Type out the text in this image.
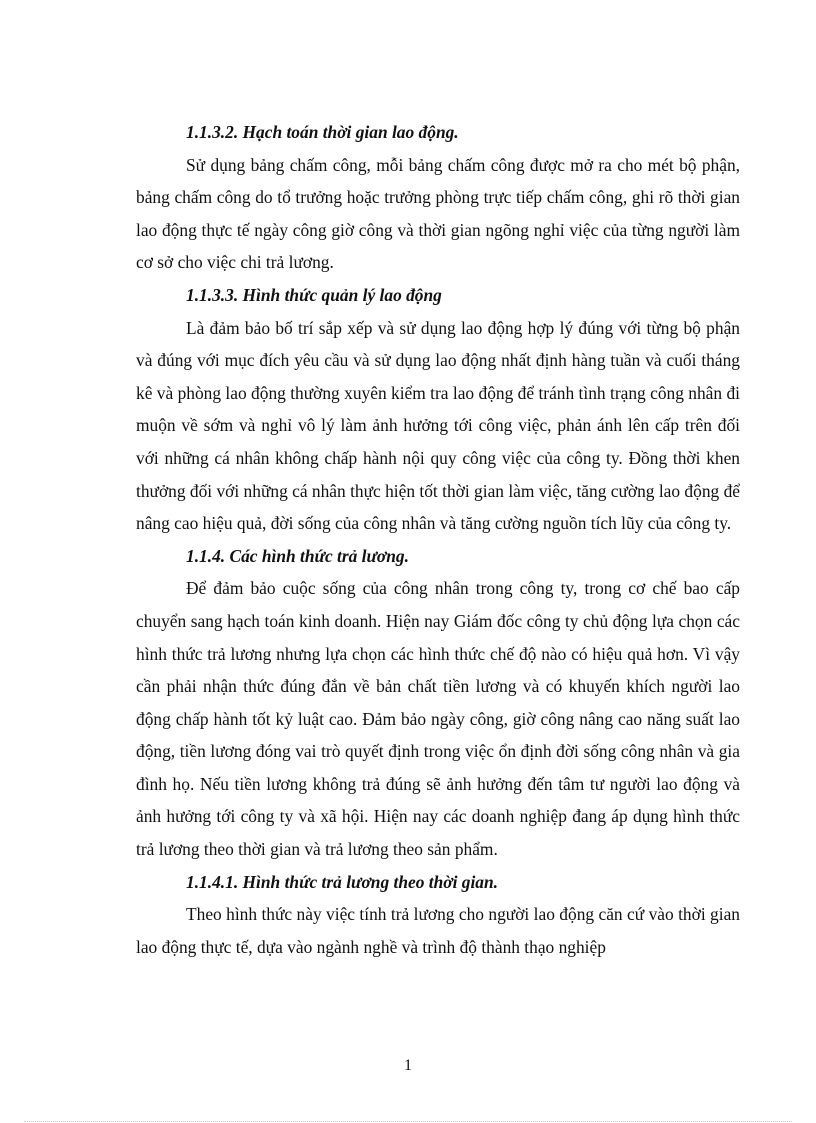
1.1.3.2. Hạch toán thời gian lao động.

Sử dụng bảng chấm công, mỗi bảng chấm công được mở ra cho mét bộ phận, bảng chấm công do tổ trưởng hoặc trưởng phòng trực tiếp chấm công, ghi rõ thời gian lao động thực tế ngày công giờ công và thời gian ngõng nghỉ việc của từng người làm cơ sở cho việc chi trả lương.

1.1.3.3. Hình thức quản lý lao động

Là đảm bảo bố trí sắp xếp và sử dụng lao động hợp lý đúng với từng bộ phận và đúng với mục đích yêu cầu và sử dụng lao động nhất định hàng tuần và cuối tháng kê và phòng lao động thường xuyên kiểm tra lao động để tránh tình trạng công nhân đi muộn về sớm và nghỉ vô lý làm ảnh hưởng tới công việc, phản ánh lên cấp trên đối với những cá nhân không chấp hành nội quy công việc của công ty. Đồng thời khen thưởng đối với những cá nhân thực hiện tốt thời gian làm việc, tăng cường lao động để nâng cao hiệu quả, đời sống của công nhân và tăng cường nguồn tích lũy của công ty.

1.1.4. Các hình thức trả lương.

Để đảm bảo cuộc sống của công nhân trong công ty, trong cơ chế bao cấp chuyển sang hạch toán kinh doanh. Hiện nay Giám đốc công ty chủ động lựa chọn các hình thức trả lương nhưng lựa chọn các hình thức chế độ nào có hiệu quả hơn. Vì vậy cần phải nhận thức đúng đắn về bản chất tiền lương và có khuyến khích người lao động chấp hành tốt kỷ luật cao. Đảm bảo ngày công, giờ công nâng cao năng suất lao động, tiền lương đóng vai trò quyết định trong việc ổn định đời sống công nhân và gia đình họ. Nếu tiền lương không trả đúng sẽ ảnh hưởng đến tâm tư người lao động và ảnh hưởng tới công ty và xã hội. Hiện nay các doanh nghiệp đang áp dụng hình thức trả lương theo thời gian và trả lương theo sản phẩm.

1.1.4.1. Hình thức trả lương theo thời gian.

Theo hình thức này việc tính trả lương cho người lao động căn cứ vào thời gian lao động thực tế, dựa vào ngành nghề và trình độ thành thạo nghiệp

1
